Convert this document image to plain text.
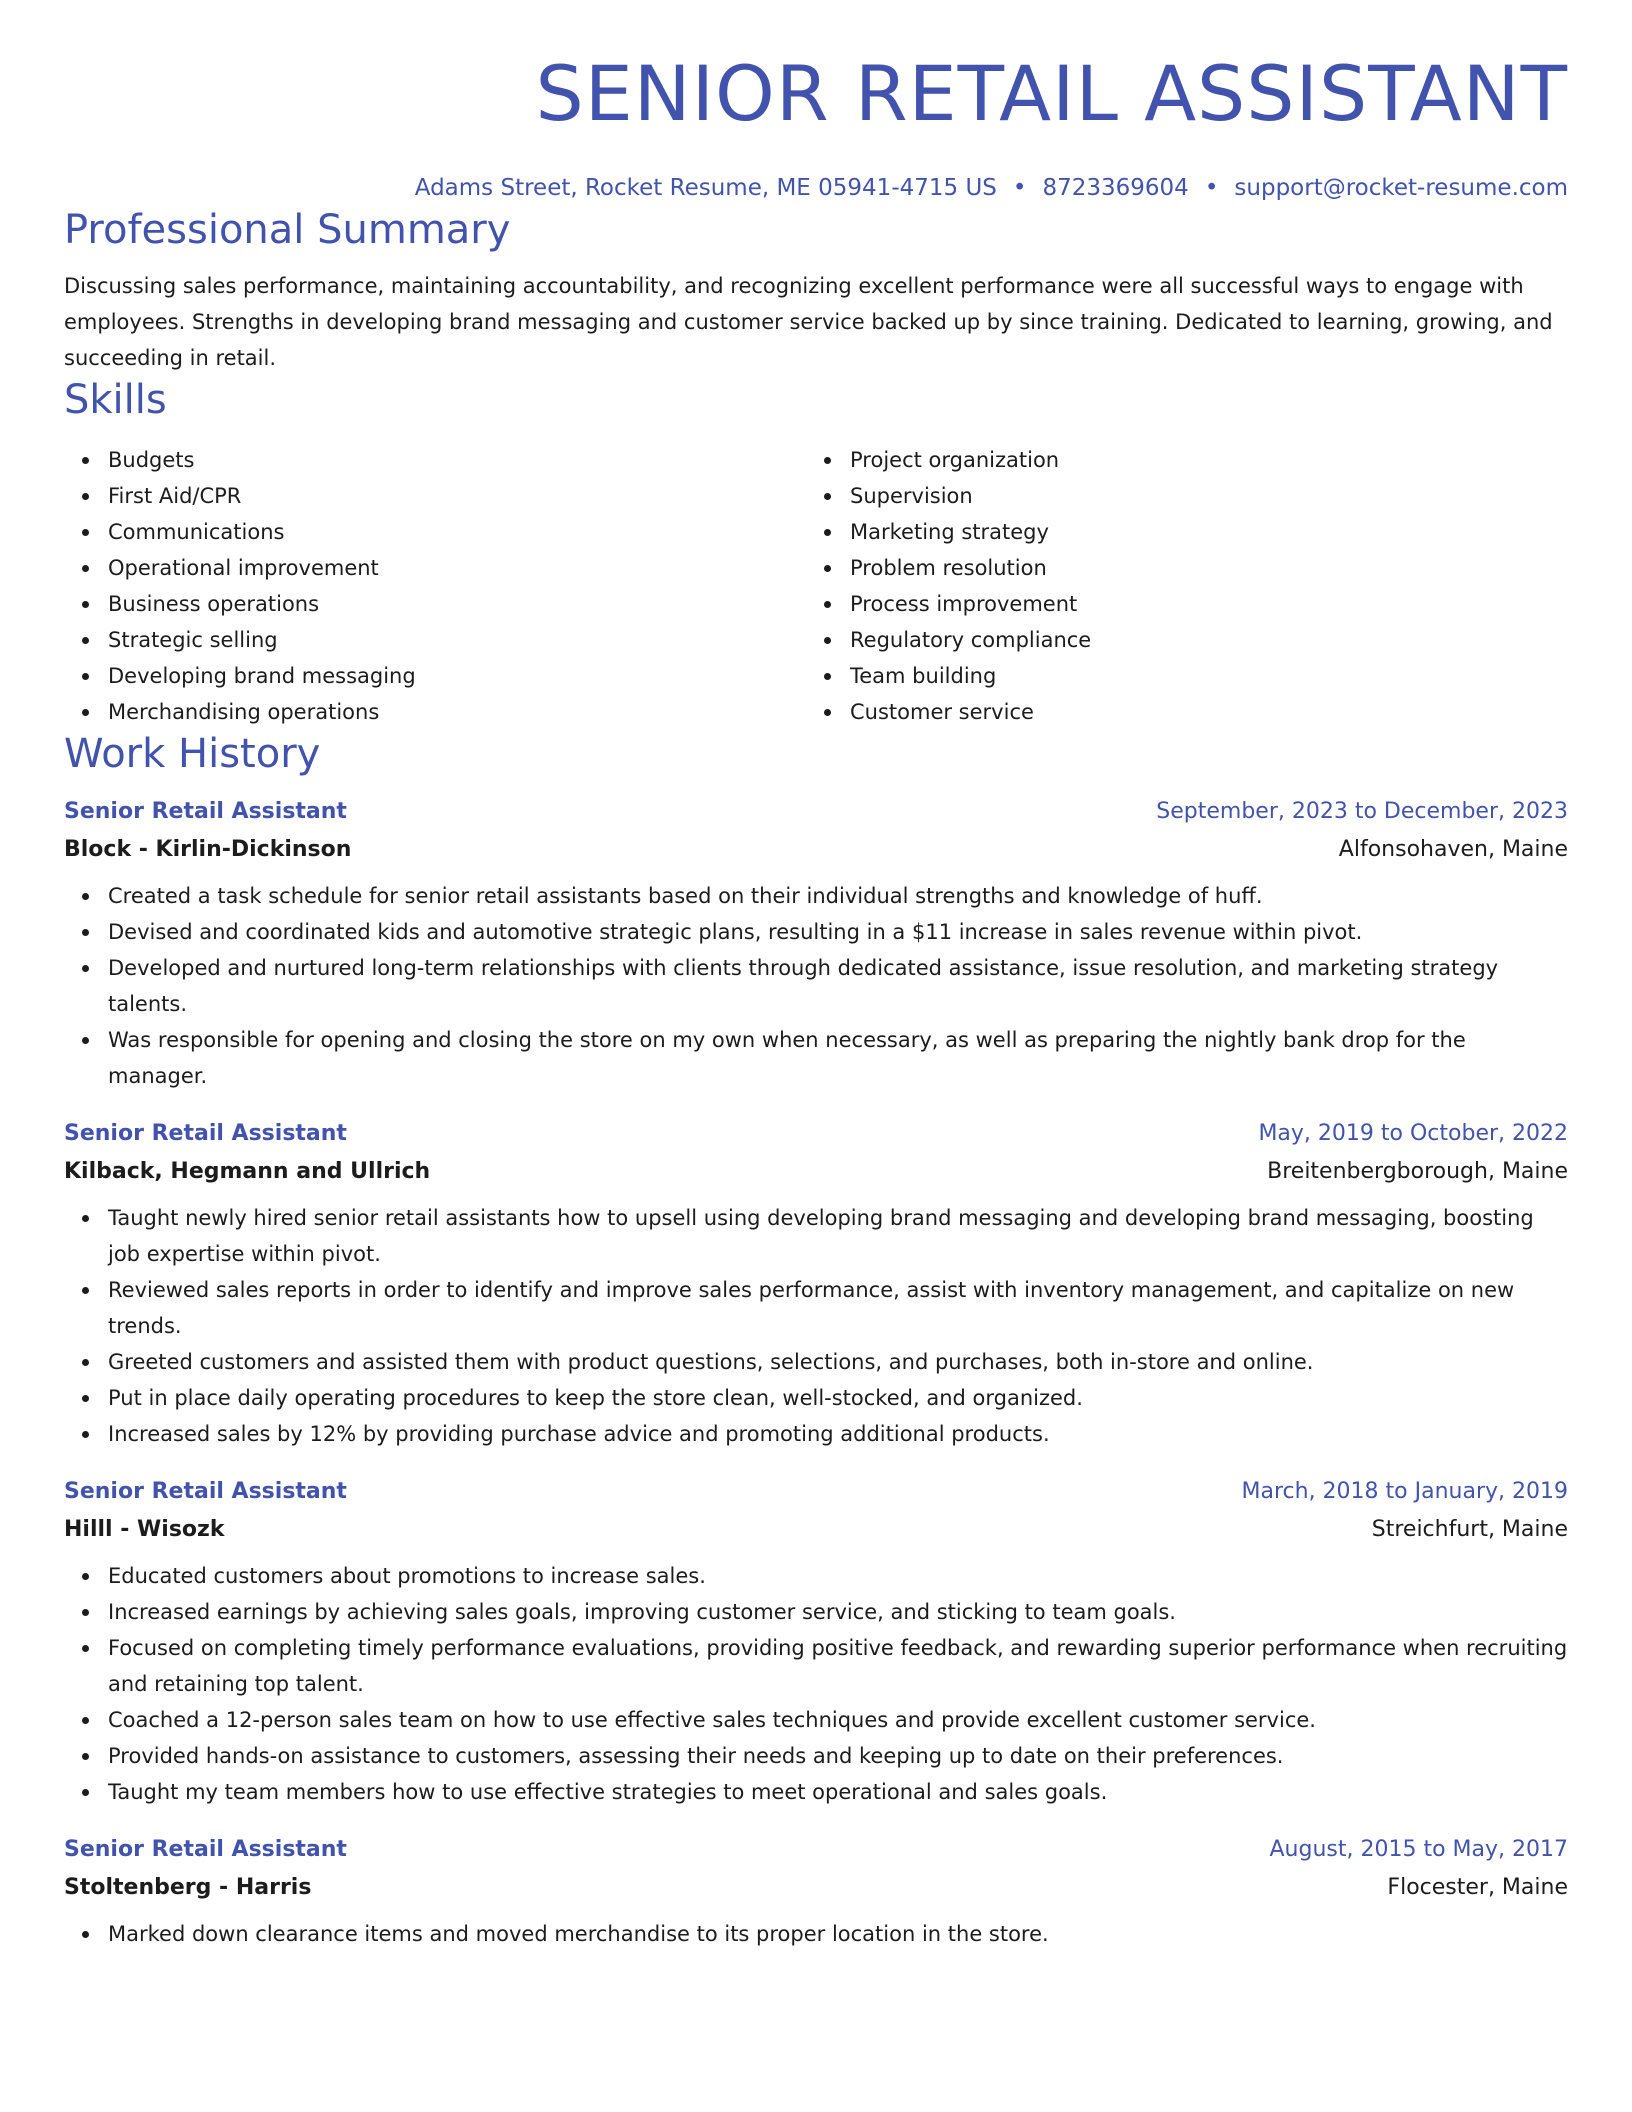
SENIOR RETAIL ASSISTANT
Adams Street, Rocket Resume, ME 05941-4715 US • 8723369604 • support@rocket-resume.com
Professional Summary
Discussing sales performance, maintaining accountability, and recognizing excellent performance were all successful ways to engage with employees. Strengths in developing brand messaging and customer service backed up by since training. Dedicated to learning, growing, and succeeding in retail.
Skills
Budgets
First Aid/CPR
Communications
Operational improvement
Business operations
Strategic selling
Developing brand messaging
Merchandising operations
Project organization
Supervision
Marketing strategy
Problem resolution
Process improvement
Regulatory compliance
Team building
Customer service
Work History
Senior Retail Assistant	September, 2023 to December, 2023
Block - Kirlin-Dickinson	Alfonsohaven, Maine
Created a task schedule for senior retail assistants based on their individual strengths and knowledge of huff.
Devised and coordinated kids and automotive strategic plans, resulting in a $11 increase in sales revenue within pivot.
Developed and nurtured long-term relationships with clients through dedicated assistance, issue resolution, and marketing strategy talents.
Was responsible for opening and closing the store on my own when necessary, as well as preparing the nightly bank drop for the manager.
Senior Retail Assistant	May, 2019 to October, 2022
Kilback, Hegmann and Ullrich	Breitenbergborough, Maine
Taught newly hired senior retail assistants how to upsell using developing brand messaging and developing brand messaging, boosting job expertise within pivot.
Reviewed sales reports in order to identify and improve sales performance, assist with inventory management, and capitalize on new trends.
Greeted customers and assisted them with product questions, selections, and purchases, both in-store and online.
Put in place daily operating procedures to keep the store clean, well-stocked, and organized.
Increased sales by 12% by providing purchase advice and promoting additional products.
Senior Retail Assistant	March, 2018 to January, 2019
Hilll - Wisozk	Streichfurt, Maine
Educated customers about promotions to increase sales.
Increased earnings by achieving sales goals, improving customer service, and sticking to team goals.
Focused on completing timely performance evaluations, providing positive feedback, and rewarding superior performance when recruiting and retaining top talent.
Coached a 12-person sales team on how to use effective sales techniques and provide excellent customer service.
Provided hands-on assistance to customers, assessing their needs and keeping up to date on their preferences.
Taught my team members how to use effective strategies to meet operational and sales goals.
Senior Retail Assistant	August, 2015 to May, 2017
Stoltenberg - Harris	Flocester, Maine
Marked down clearance items and moved merchandise to its proper location in the store.
